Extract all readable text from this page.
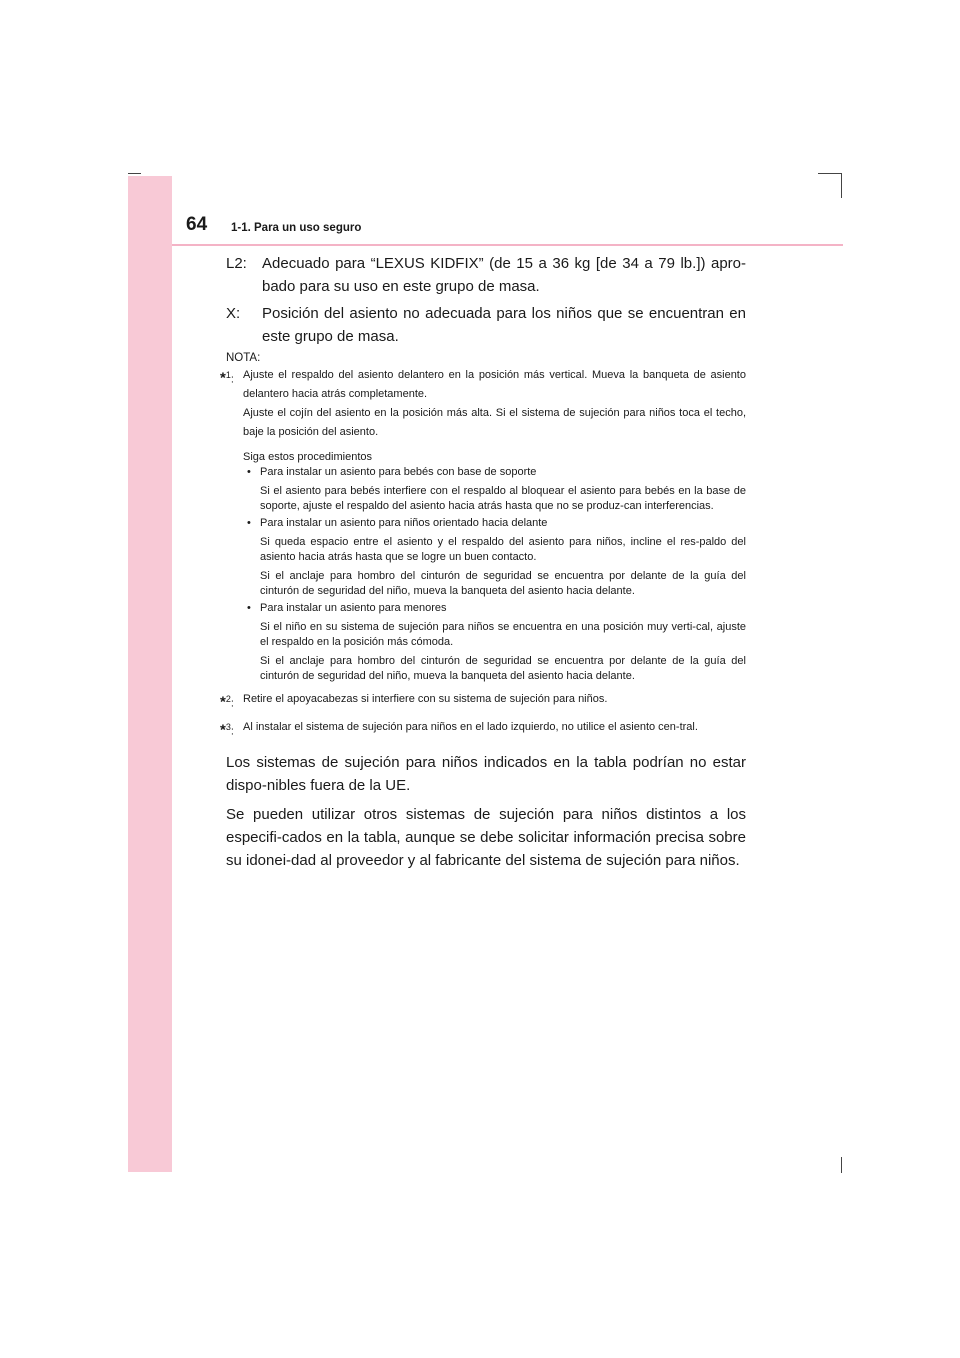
64 1-1. Para un uso seguro
L2:	Adecuado para “LEXUS KIDFIX” (de 15 a 36 kg [de 34 a 79 lb.]) apro-bado para su uso en este grupo de masa.
X:	Posición del asiento no adecuada para los niños que se encuentran en este grupo de masa.
NOTA:
*$^1$: Ajuste el respaldo del asiento delantero en la posición más vertical. Mueva la banqueta de asiento delantero hacia atrás completamente.

Ajuste el cojín del asiento en la posición más alta. Si el sistema de sujeción para niños toca el techo, baje la posición del asiento.

Siga estos procedimientos

• Para instalar un asiento para bebés con base de soporte
Si el asiento para bebés interfiere con el respaldo al bloquear el asiento para bebés en la base de soporte, ajuste el respaldo del asiento hacia atrás hasta que no se produz-can interferencias.
• Para instalar un asiento para niños orientado hacia delante
Si queda espacio entre el asiento y el respaldo del asiento para niños, incline el res-paldo del asiento hacia atrás hasta que se logre un buen contacto.
Si el anclaje para hombro del cinturón de seguridad se encuentra por delante de la guía del cinturón de seguridad del niño, mueva la banqueta del asiento hacia delante.
• Para instalar un asiento para menores
Si el niño en su sistema de sujeción para niños se encuentra en una posición muy verti-cal, ajuste el respaldo en la posición más cómoda.
Si el anclaje para hombro del cinturón de seguridad se encuentra por delante de la guía del cinturón de seguridad del niño, mueva la banqueta del asiento hacia delante.
*$^2$: Retire el apoyacabezas si interfiere con su sistema de sujeción para niños.
*$^3$: Al instalar el sistema de sujeción para niños en el lado izquierdo, no utilice el asiento cen-tral.
Los sistemas de sujeción para niños indicados en la tabla podrían no estar dispo-nibles fuera de la UE.
Se pueden utilizar otros sistemas de sujeción para niños distintos a los especifi-cados en la tabla, aunque se debe solicitar información precisa sobre su idonei-dad al proveedor y al fabricante del sistema de sujeción para niños.
